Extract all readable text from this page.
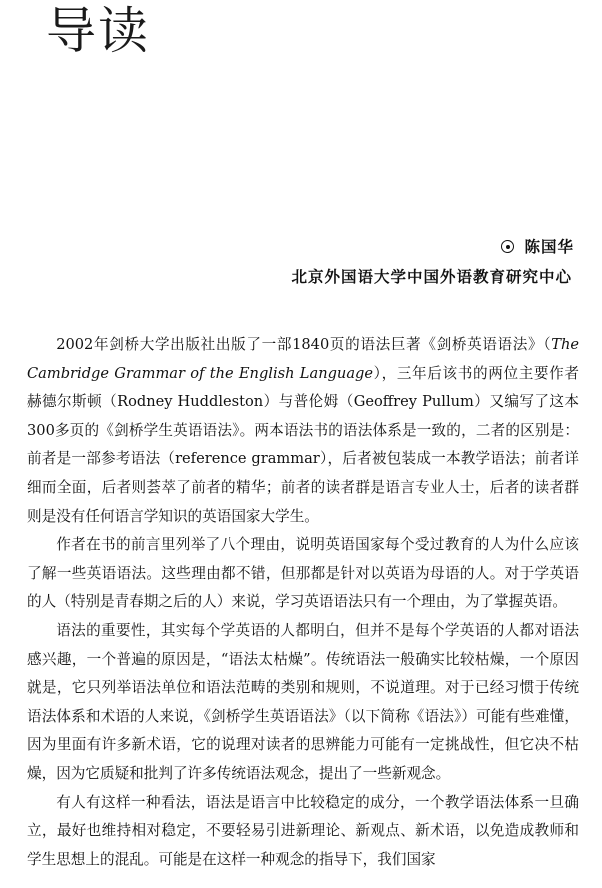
导读
陈国华
北京外国语大学中国外语教育研究中心

2002年剑桥大学出版社出版了一部1840页的语法巨著《剑桥英语语法》（The Cambridge Grammar of the English Language），三年后该书的两位主要作者赫德尔斯顿（Rodney Huddleston）与普伦姆（Geoffrey Pullum）又编写了这本300多页的《剑桥学生英语语法》。两本语法书的语法体系是一致的，二者的区别是：前者是一部参考语法（reference grammar），后者被包装成一本教学语法；前者详细而全面，后者则荟萃了前者的精华；前者的读者群是语言专业人士，后者的读者群则是没有任何语言学知识的英语国家大学生。

作者在书的前言里列举了八个理由，说明英语国家每个受过教育的人为什么应该了解一些英语语法。这些理由都不错，但那都是针对以英语为母语的人。对于学英语的人（特别是青春期之后的人）来说，学习英语语法只有一个理由，为了掌握英语。

语法的重要性，其实每个学英语的人都明白，但并不是每个学英语的人都对语法感兴趣，一个普遍的原因是，“语法太枯燥”。传统语法一般确实比较枯燥，一个原因就是，它只列举语法单位和语法范畴的类别和规则，不说道理。对于已经习惯于传统语法体系和术语的人来说，《剑桥学生英语语法》（以下简称《语法》）可能有些难懂，因为里面有许多新术语，它的说理对读者的思辨能力可能有一定挑战性，但它决不枯燥，因为它质疑和批判了许多传统语法观念，提出了一些新观念。

有人有这样一种看法，语法是语言中比较稳定的成分，一个教学语法体系一旦确立，最好也维持相对稳定，不要轻易引进新理论、新观点、新术语，以免造成教师和学生思想上的混乱。可能是在这样一种观念的指导下，我们国家
